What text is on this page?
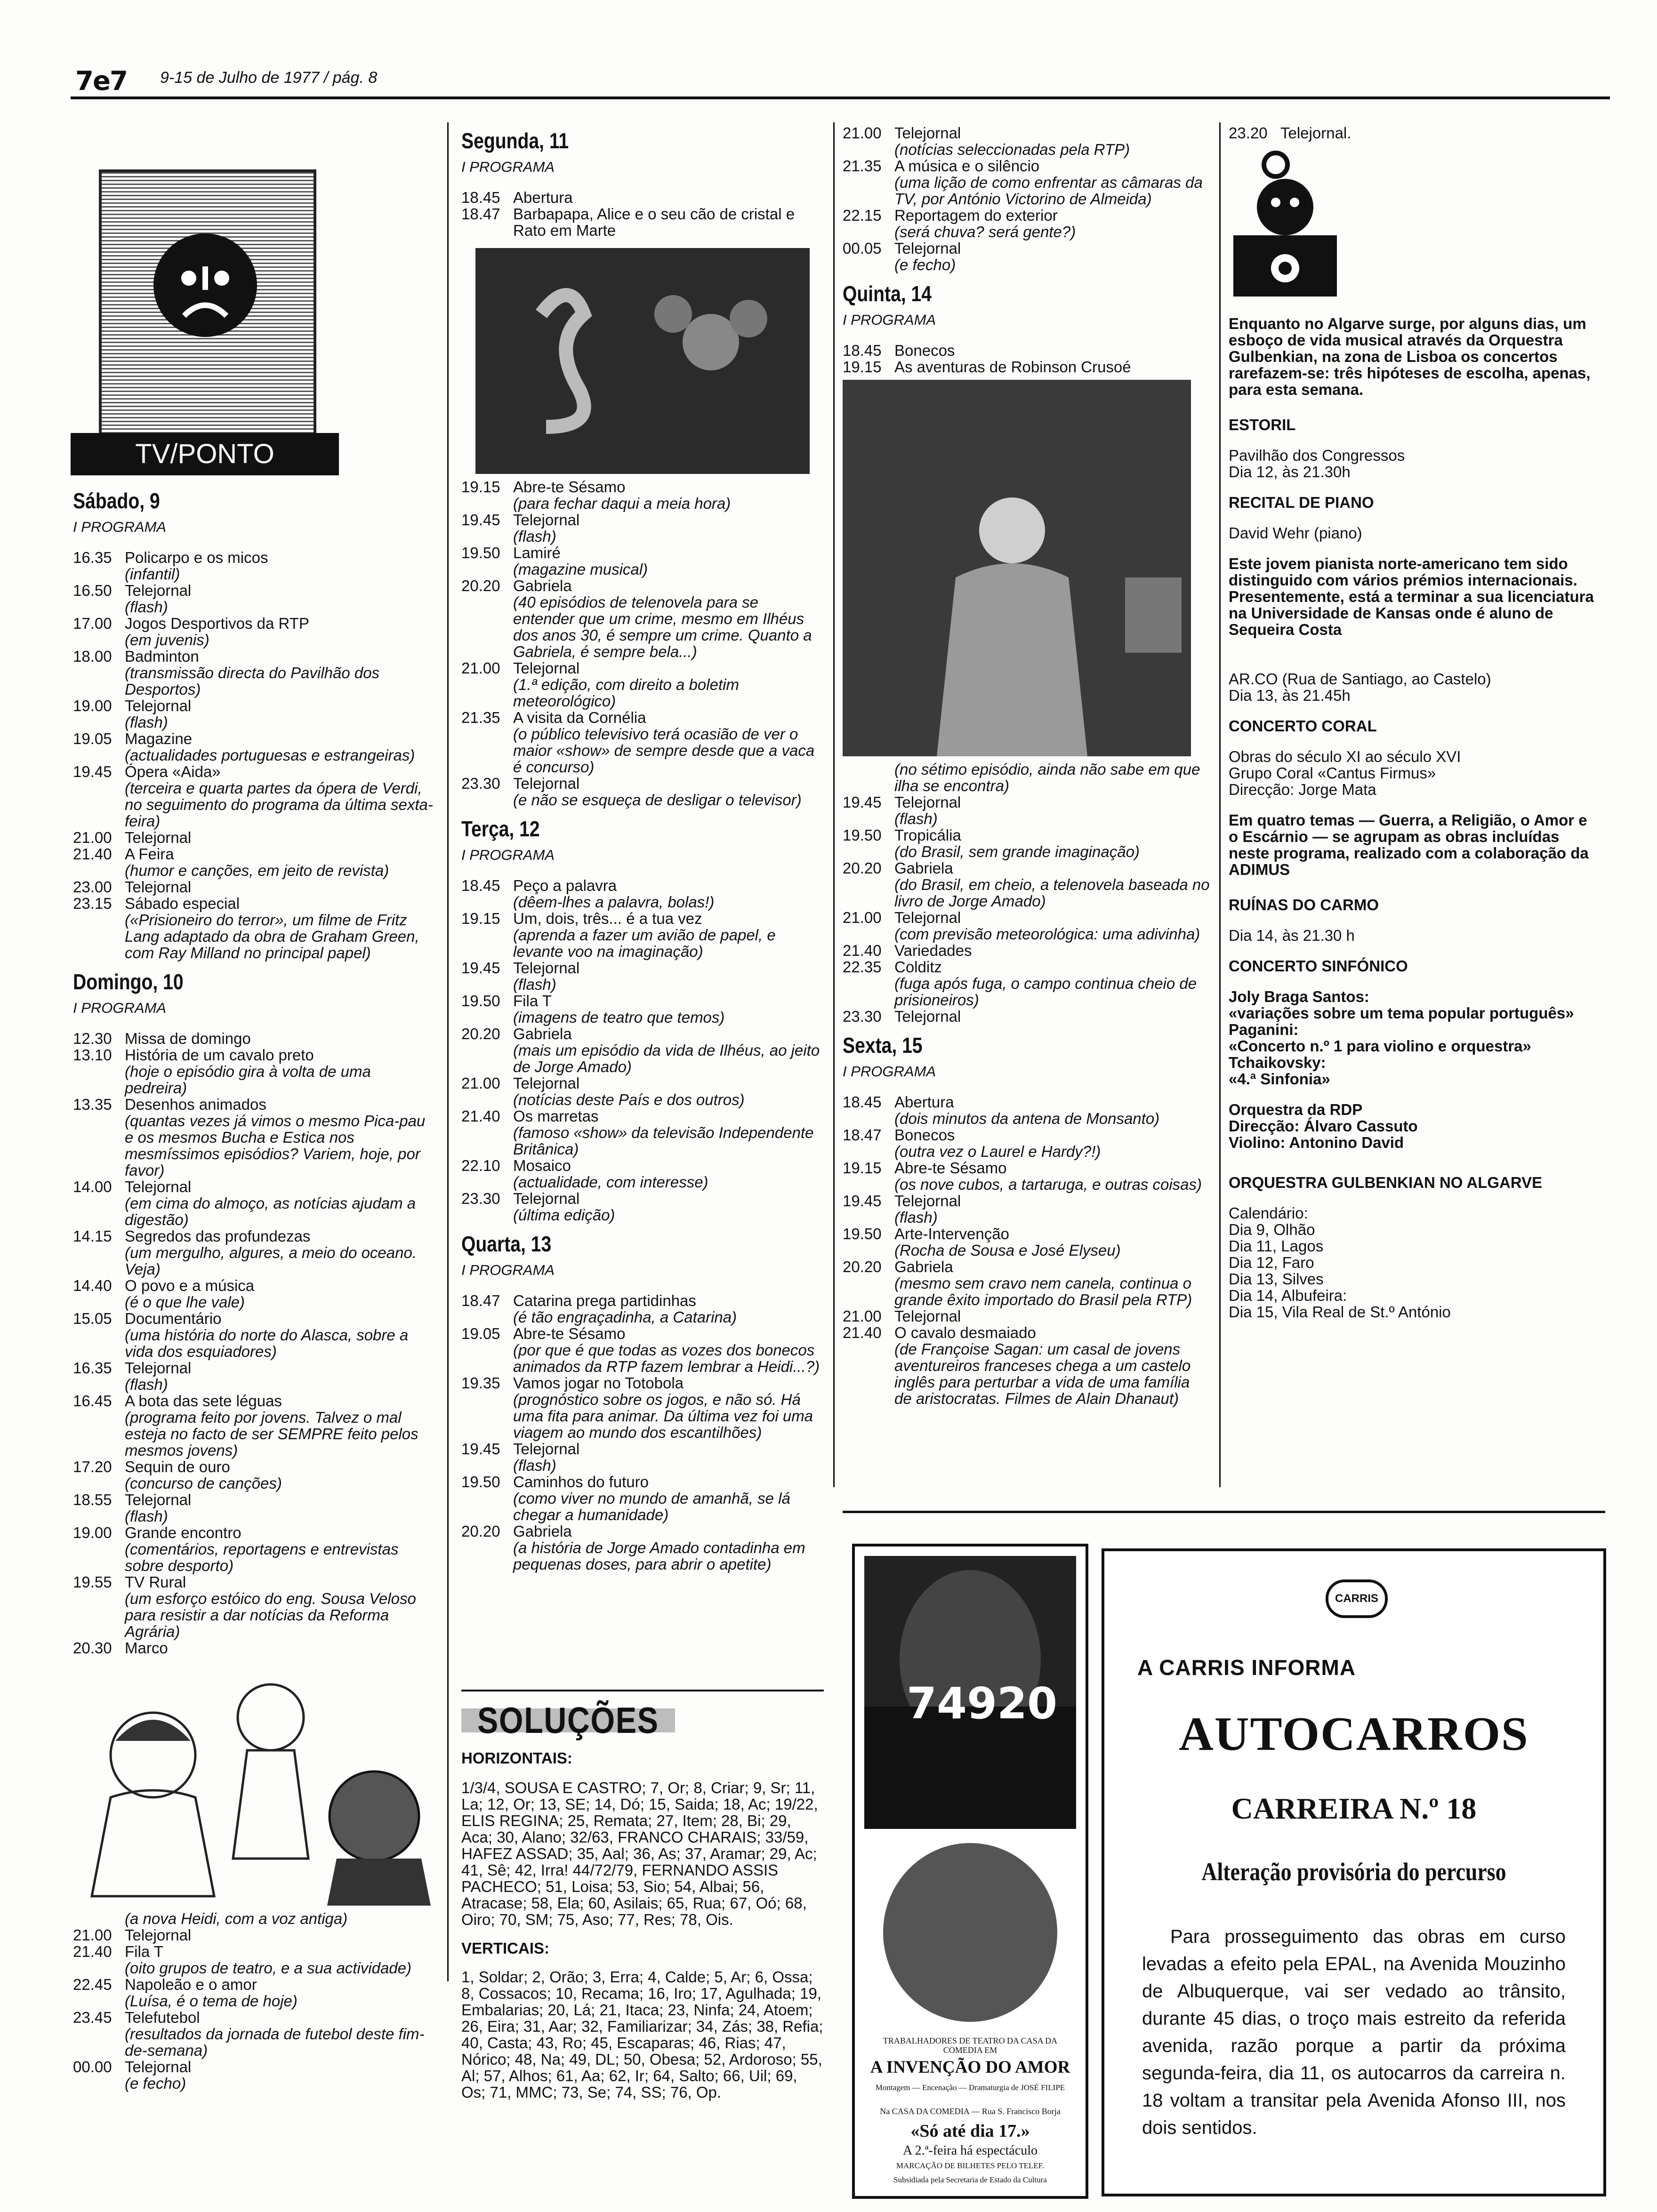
7e7 9-15 de Julho de 1977 / pág. 8
TV/PONTO
Sábado, 9
I PROGRAMA
16.35 Policarpo e os micos
(infantil)
16.50 Telejornal
(flash)
17.00 Jogos Desportivos da RTP
(em juvenis)
18.00 Badminton
(transmissão directa do Pavilhão dos Desportos)
19.00 Telejornal
(flash)
19.05 Magazine
(actualidades portuguesas e estrangeiras)
19.45 Ópera «Aida»
(terceira e quarta partes da ópera de Verdi, no seguimento do programa da última sexta-feira)
21.00 Telejornal
21.40 A Feira
(humor e canções, em jeito de revista)
23.00 Telejornal
23.15 Sábado especial
(«Prisioneiro do terror», um filme de Fritz Lang adaptado da obra de Graham Green, com Ray Milland no principal papel)
Domingo, 10
I PROGRAMA
12.30 Missa de domingo
13.10 História de um cavalo preto
(hoje o episódio gira à volta de uma pedreira)
13.35 Desenhos animados
(quantas vezes já vimos o mesmo Pica-pau e os mesmos Bucha e Estica nos mesmíssimos episódios? Variem, hoje, por favor)
14.00 Telejornal
(em cima do almoço, as notícias ajudam a digestão)
14.15 Segredos das profundezas
(um mergulho, algures, a meio do oceano. Veja)
14.40 O povo e a música
(é o que lhe vale)
15.05 Documentário
(uma história do norte do Alasca, sobre a vida dos esquiadores)
16.35 Telejornal
(flash)
16.45 A bota das sete léguas
(programa feito por jovens. Talvez o mal esteja no facto de ser SEMPRE feito pelos mesmos jovens)
17.20 Sequin de ouro
(concurso de canções)
18.55 Telejornal
(flash)
19.00 Grande encontro
(comentários, reportagens e entrevistas sobre desporto)
19.55 TV Rural
(um esforço estóico do eng. Sousa Veloso para resistir a dar notícias da Reforma Agrária)
20.30 Marco
(a nova Heidi, com a voz antiga)
21.00 Telejornal
21.40 Fila T
(oito grupos de teatro, e a sua actividade)
22.45 Napoleão e o amor
(Luísa, é o tema de hoje)
23.45 Telefutebol
(resultados da jornada de futebol deste fim-de-semana)
00.00 Telejornal
(e fecho)
Segunda, 11
I PROGRAMA
18.45 Abertura
18.47 Barbapapa, Alice e o seu cão de cristal e Rato em Marte
19.15 Abre-te Sésamo
(para fechar daqui a meia hora)
19.45 Telejornal
(flash)
19.50 Lamiré
(magazine musical)
20.20 Gabriela
(40 episódios de telenovela para se entender que um crime, mesmo em Ilhéus dos anos 30, é sempre um crime. Quanto a Gabriela, é sempre bela...)
21.00 Telejornal
(1.ª edição, com direito a boletim meteorológico)
21.35 A visita da Cornélia
(o público televisivo terá ocasião de ver o maior «show» de sempre desde que a vaca é concurso)
23.30 Telejornal
(e não se esqueça de desligar o televisor)
Terça, 12
I PROGRAMA
18.45 Peço a palavra
(dêem-lhes a palavra, bolas!)
19.15 Um, dois, três... é a tua vez
(aprenda a fazer um avião de papel, e levante voo na imaginação)
19.45 Telejornal
(flash)
19.50 Fila T
(imagens de teatro que temos)
20.20 Gabriela
(mais um episódio da vida de Ilhéus, ao jeito de Jorge Amado)
21.00 Telejornal
(notícias deste País e dos outros)
21.40 Os marretas
(famoso «show» da televisão Independente Britânica)
22.10 Mosaico
(actualidade, com interesse)
23.30 Telejornal
(última edição)
Quarta, 13
I PROGRAMA
18.47 Catarina prega partidinhas
(é tão engraçadinha, a Catarina)
19.05 Abre-te Sésamo
(por que é que todas as vozes dos bonecos animados da RTP fazem lembrar a Heidi...?)
19.35 Vamos jogar no Totobola
(prognóstico sobre os jogos, e não só. Há uma fita para animar. Da última vez foi uma viagem ao mundo dos escantilhões)
19.45 Telejornal
(flash)
19.50 Caminhos do futuro
(como viver no mundo de amanhã, se lá chegar a humanidade)
20.20 Gabriela
(a história de Jorge Amado contadinha em pequenas doses, para abrir o apetite)
SOLUÇÕES
HORIZONTAIS:
1/3/4, SOUSA E CASTRO; 7, Or; 8, Criar; 9, Sr; 11, La; 12, Or; 13, SE; 14, Dó; 15, Saida; 18, Ac; 19/22, ELIS REGINA; 25, Remata; 27, Item; 28, Bi; 29, Aca; 30, Alano; 32/63, FRANCO CHARAIS; 33/59, HAFEZ ASSAD; 35, Aal; 36, As; 37, Aramar; 29, Ac; 41, Sê; 42, Irra! 44/72/79, FERNANDO ASSIS PACHECO; 51, Loisa; 53, Sio; 54, Albai; 56, Atracase; 58, Ela; 60, Asilais; 65, Rua; 67, Oó; 68, Oiro; 70, SM; 75, Aso; 77, Res; 78, Ois.
VERTICAIS:
1, Soldar; 2, Orão; 3, Erra; 4, Calde; 5, Ar; 6, Ossa; 8, Cossacos; 10, Recama; 16, Iro; 17, Agulhada; 19, Embalarias; 20, Lá; 21, Itaca; 23, Ninfa; 24, Atoem; 26, Eira; 31, Aar; 32, Familiarizar; 34, Zás; 38, Refia; 40, Casta; 43, Ro; 45, Escaparas; 46, Rias; 47, Nórico; 48, Na; 49, DL; 50, Obesa; 52, Ardoroso; 55, Al; 57, Alhos; 61, Aa; 62, Ir; 64, Salto; 66, Uil; 69, Os; 71, MMC; 73, Se; 74, SS; 76, Op.
21.00 Telejornal
(notícias seleccionadas pela RTP)
21.35 A música e o silêncio
(uma lição de como enfrentar as câmaras da TV, por António Victorino de Almeida)
22.15 Reportagem do exterior
(será chuva? será gente?)
00.05 Telejornal
(e fecho)
Quinta, 14
I PROGRAMA
18.45 Bonecos
19.15 As aventuras de Robinson Crusoé
(no sétimo episódio, ainda não sabe em que ilha se encontra)
19.45 Telejornal
(flash)
19.50 Tropicália
(do Brasil, sem grande imaginação)
20.20 Gabriela
(do Brasil, em cheio, a telenovela baseada no livro de Jorge Amado)
21.00 Telejornal
(com previsão meteorológica: uma adivinha)
21.40 Variedades
22.35 Colditz
(fuga após fuga, o campo continua cheio de prisioneiros)
23.30 Telejornal
Sexta, 15
I PROGRAMA
18.45 Abertura
(dois minutos da antena de Monsanto)
18.47 Bonecos
(outra vez o Laurel e Hardy?!)
19.15 Abre-te Sésamo
(os nove cubos, a tartaruga, e outras coisas)
19.45 Telejornal
(flash)
19.50 Arte-Intervenção
(Rocha de Sousa e José Elyseu)
20.20 Gabriela
(mesmo sem cravo nem canela, continua o grande êxito importado do Brasil pela RTP)
21.00 Telejornal
21.40 O cavalo desmaiado
(de Françoise Sagan: um casal de jovens aventureiros franceses chega a um castelo inglês para perturbar a vida de uma família de aristocratas. Filmes de Alain Dhanaut)
23.20 Telejornal.
Enquanto no Algarve surge, por alguns dias, um esboço de vida musical através da Orquestra Gulbenkian, na zona de Lisboa os concertos rarefazem-se: três hipóteses de escolha, apenas, para esta semana.
ESTORIL
Pavilhão dos Congressos
Dia 12, às 21.30h
RECITAL DE PIANO
David Wehr (piano)
Este jovem pianista norte-americano tem sido distinguido com vários prémios internacionais. Presentemente, está a terminar a sua licenciatura na Universidade de Kansas onde é aluno de Sequeira Costa
AR.CO (Rua de Santiago, ao Castelo)
Dia 13, às 21.45h
CONCERTO CORAL
Obras do século XI ao século XVI
Grupo Coral «Cantus Firmus»
Direcção: Jorge Mata
Em quatro temas — Guerra, a Religião, o Amor e o Escárnio — se agrupam as obras incluídas neste programa, realizado com a colaboração da ADIMUS
RUÍNAS DO CARMO
Dia 14, às 21.30 h
CONCERTO SINFÓNICO
Joly Braga Santos:
«variações sobre um tema popular português»
Paganini:
«Concerto n.º 1 para violino e orquestra»
Tchaikovsky:
«4.ª Sinfonia»
Orquestra da RDP
Direcção: Álvaro Cassuto
Violino: Antonino David
ORQUESTRA GULBENKIAN NO ALGARVE
Calendário:
Dia 9, Olhão
Dia 11, Lagos
Dia 12, Faro
Dia 13, Silves
Dia 14, Albufeira:
Dia 15, Vila Real de St.º António
74920
TRABALHADORES DE TEATRO DA CASA DA COMEDIA EM
A INVENÇÃO DO AMOR
Montagem — Encenação — Dramaturgia de JOSÉ FILIPE
Na CASA DA COMEDIA — Rua S. Francisco Borja
«Só até dia 17.»
A 2.ª-feira há espectáculo
MARCAÇÃO DE BILHETES PELO TELEF.
Subsidiada pela Secretaria de Estado da Cultura
CARRIS
A CARRIS INFORMA
AUTOCARROS
CARREIRA N.º 18
Alteração provisória do percurso
Para prosseguimento das obras em curso levadas a efeito pela EPAL, na Avenida Mouzinho de Albuquerque, vai ser vedado ao trânsito, durante 45 dias, o troço mais estreito da referida avenida, razão porque a partir da próxima segunda-feira, dia 11, os autocarros da carreira n. 18 voltam a transitar pela Avenida Afonso III, nos dois sentidos.
